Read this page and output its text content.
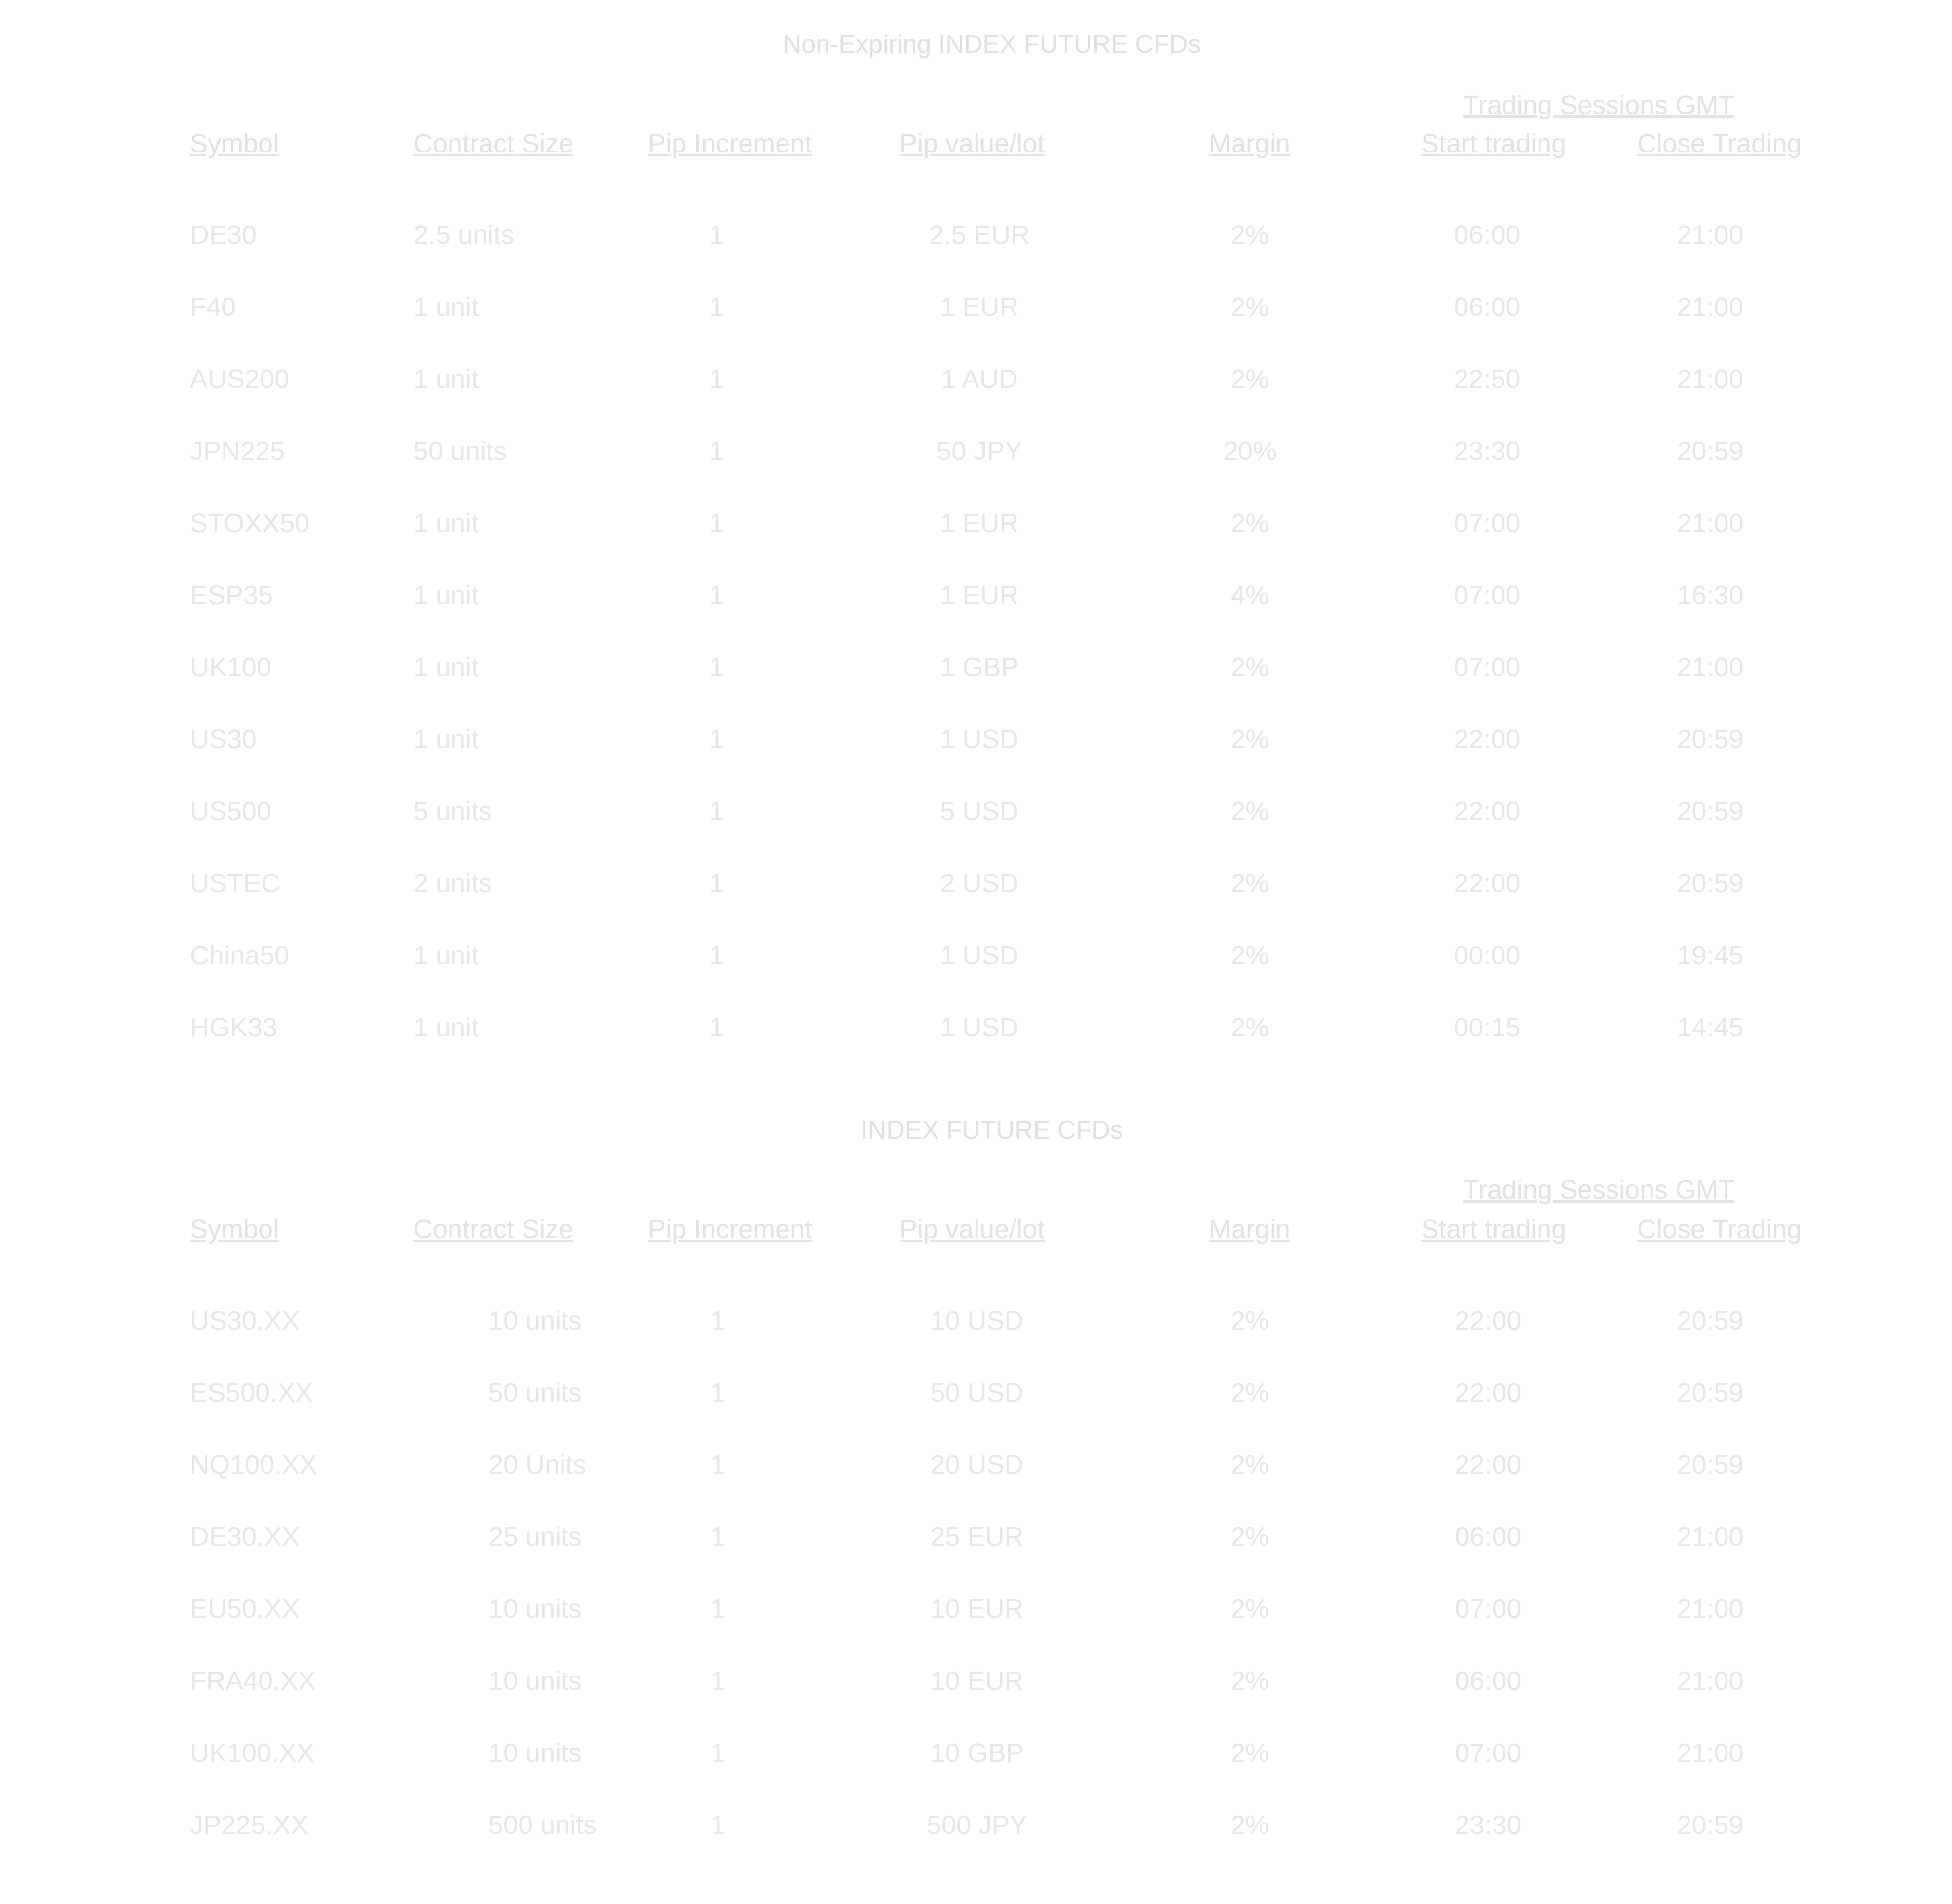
Non-Expiring INDEX FUTURE CFDs
Trading Sessions GMT
Symbol	Contract Size	Pip Increment	Pip value/lot	Margin	Start trading	Close Trading
DE30	2.5 units	1	2.5 EUR	2%	06:00	21:00
F40	1 unit	1	1 EUR	2%	06:00	21:00
AUS200	1 unit	1	1 AUD	2%	22:50	21:00
JPN225	50 units	1	50 JPY	20%	23:30	20:59
STOXX50	1 unit	1	1 EUR	2%	07:00	21:00
ESP35	1 unit	1	1 EUR	4%	07:00	16:30
UK100	1 unit	1	1 GBP	2%	07:00	21:00
US30	1 unit	1	1 USD	2%	22:00	20:59
US500	5 units	1	5 USD	2%	22:00	20:59
USTEC	2 units	1	2 USD	2%	22:00	20:59
China50	1 unit	1	1 USD	2%	00:00	19:45
HGK33	1 unit	1	1 USD	2%	00:15	14:45
INDEX FUTURE CFDs
Trading Sessions GMT
Symbol	Contract Size	Pip Increment	Pip value/lot	Margin	Start trading	Close Trading
US30.XX	10 units	1	10 USD	2%	22:00	20:59
ES500.XX	50 units	1	50 USD	2%	22:00	20:59
NQ100.XX	20 Units	1	20 USD	2%	22:00	20:59
DE30.XX	25 units	1	25 EUR	2%	06:00	21:00
EU50.XX	10 units	1	10 EUR	2%	07:00	21:00
FRA40.XX	10 units	1	10 EUR	2%	06:00	21:00
UK100.XX	10 units	1	10 GBP	2%	07:00	21:00
JP225.XX	500 units	1	500 JPY	2%	23:30	20:59
